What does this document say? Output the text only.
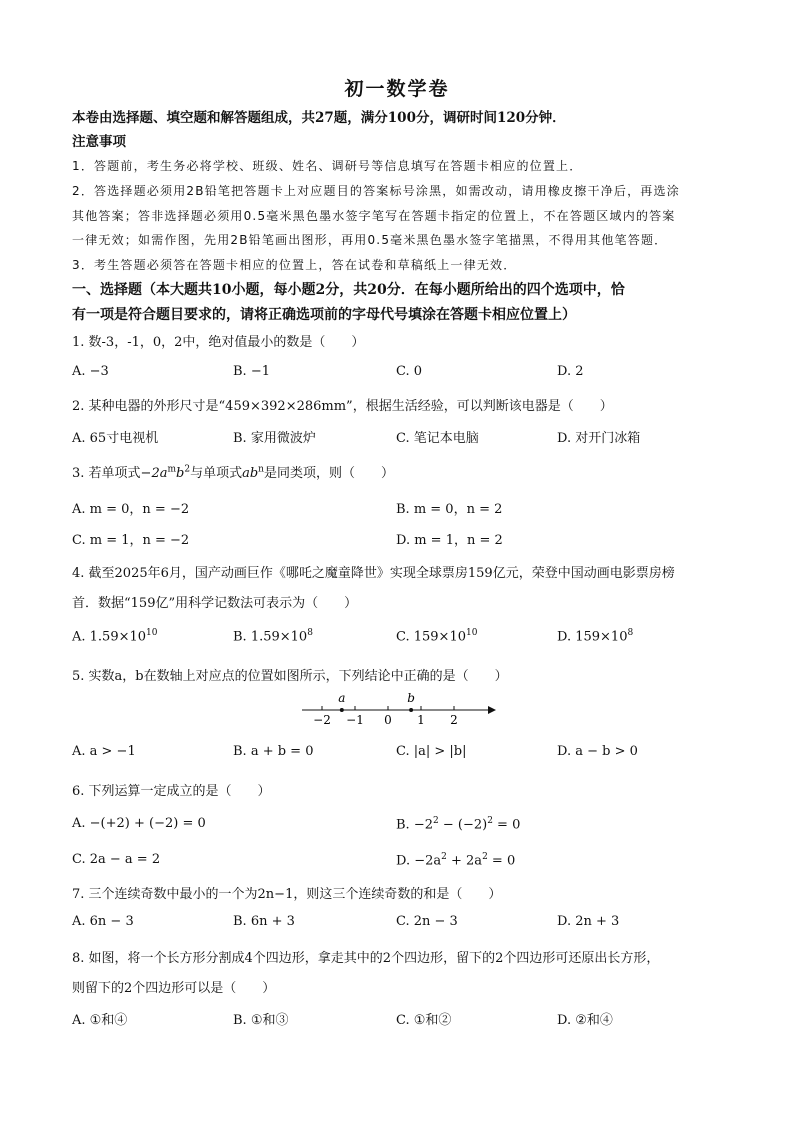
初一数学卷
本卷由选择题、填空题和解答题组成，共27题，满分100分，调研时间120分钟．
注意事项
1．答题前，考生务必将学校、班级、姓名、调研号等信息填写在答题卡相应的位置上．
2．答选择题必须用2B铅笔把答题卡上对应题目的答案标号涂黑，如需改动，请用橡皮擦干净后，再选涂
其他答案；答非选择题必须用0.5毫米黑色墨水签字笔写在答题卡指定的位置上，不在答题区域内的答案
一律无效；如需作图，先用2B铅笔画出图形，再用0.5毫米黑色墨水签字笔描黑，不得用其他笔答题．
3．考生答题必须答在答题卡相应的位置上，答在试卷和草稿纸上一律无效．
一、选择题（本大题共10小题，每小题2分，共20分．在每小题所给出的四个选项中，恰
有一项是符合题目要求的，请将正确选项前的字母代号填涂在答题卡相应位置上）
1. 数-3，-1，0，2中，绝对值最小的数是（　　）
A. −3	B. −1	C. 0	D. 2
2. 某种电器的外形尺寸是“459×392×286mm”，根据生活经验，可以判断该电器是（　　）
A. 65寸电视机	B. 家用微波炉	C. 笔记本电脑	D. 对开门冰箱
3. 若单项式$-2a^mb^2$与单项式$ab^n$是同类项，则（　　）
A. m = 0，n = −2	B. m = 0，n = 2
C. m = 1，n = −2	D. m = 1，n = 2
4. 截至2025年6月，国产动画巨作《哪吒之魔童降世》实现全球票房159亿元，荣登中国动画电影票房榜
首．数据“159亿”用科学记数法可表示为（　　）
A. $1.59\times 10^{10}$	B. $1.59\times 10^8$	C. $159\times 10^{10}$	D. $159\times 10^8$
5. 实数a，b在数轴上对应点的位置如图所示，下列结论中正确的是（　　）
−2 −1 0 1 2
a	b
A. a > −1	B. a + b = 0	C. |a| > |b|	D. a − b > 0
6. 下列运算一定成立的是（　　）
A. −(+2) + (−2) = 0	B. $-2^2 - (-2)^2 = 0$
C. 2a − a = 2	D. $-2a^2 + 2a^2 = 0$
7. 三个连续奇数中最小的一个为2n−1，则这三个连续奇数的和是（　　）
A. 6n − 3	B. 6n + 3	C. 2n − 3	D. 2n + 3
8. 如图，将一个长方形分割成4个四边形，拿走其中的2个四边形，留下的2个四边形可还原出长方形，
则留下的2个四边形可以是（　　）
A. ①和④	B. ①和③	C. ①和②	D. ②和④
